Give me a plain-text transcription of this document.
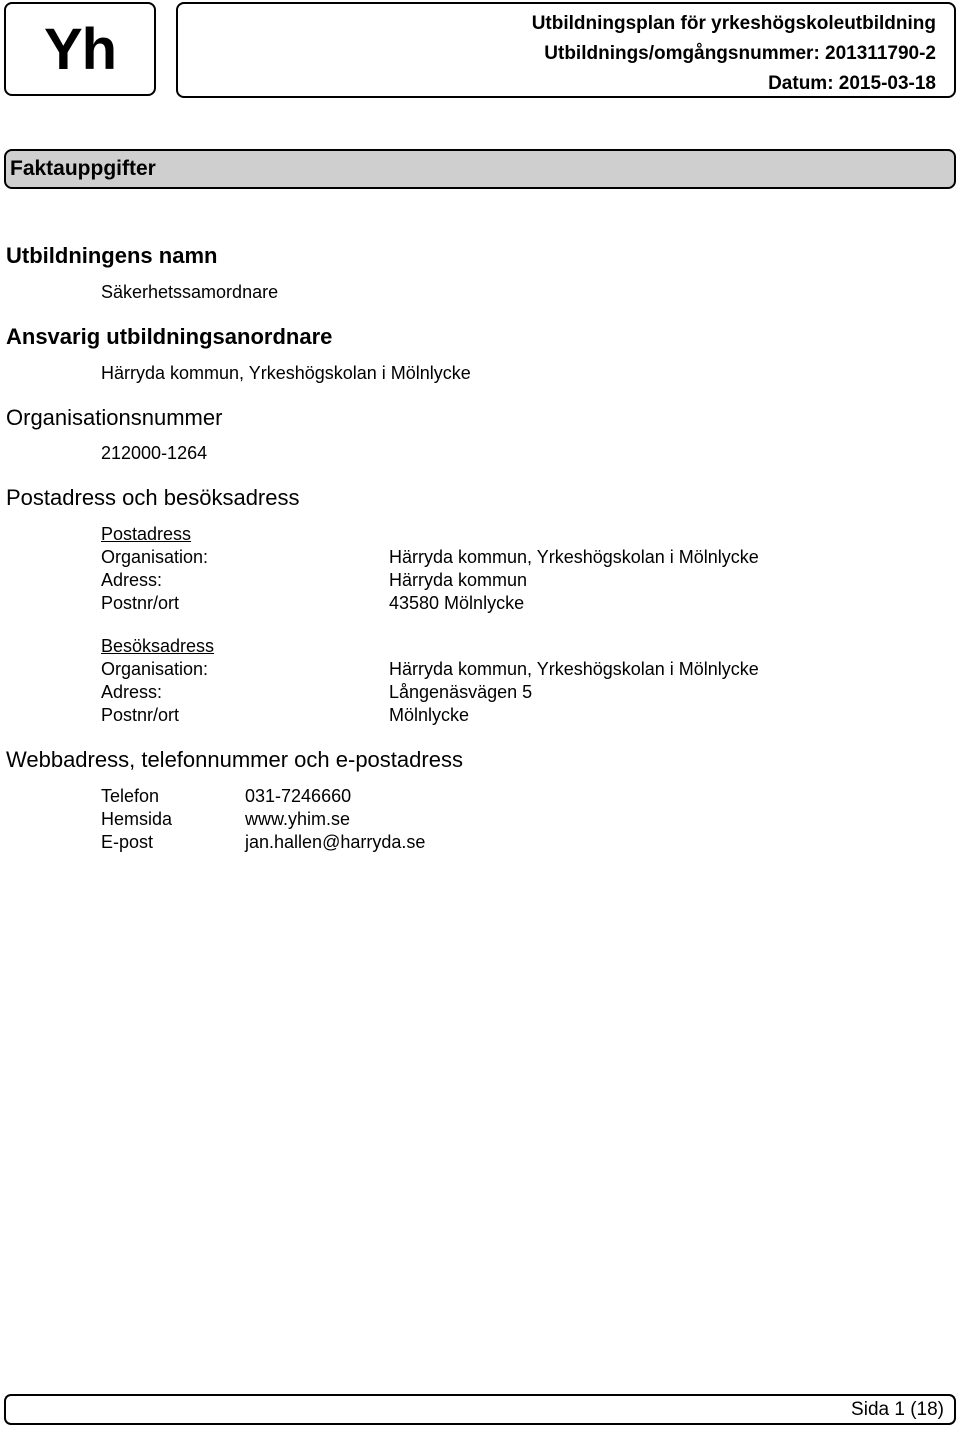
Yh	Utbildningsplan för yrkeshögskoleutbildning
Utbildnings/omgångsnummer: 201311790-2
Datum: 2015-03-18
Faktauppgifter
Utbildningens namn
Säkerhetssamordnare
Ansvarig utbildningsanordnare
Härryda kommun, Yrkeshögskolan i Mölnlycke
Organisationsnummer
212000-1264
Postadress och besöksadress
Postadress
Organisation:	Härryda kommun, Yrkeshögskolan i Mölnlycke
Adress:	Härryda kommun
Postnr/ort	43580 Mölnlycke
Besöksadress
Organisation:	Härryda kommun, Yrkeshögskolan i Mölnlycke
Adress:	Långenäsvägen 5
Postnr/ort	Mölnlycke
Webbadress, telefonnummer och e-postadress
Telefon	031-7246660
Hemsida	www.yhim.se
E-post	jan.hallen@harryda.se
Sida 1 (18)
